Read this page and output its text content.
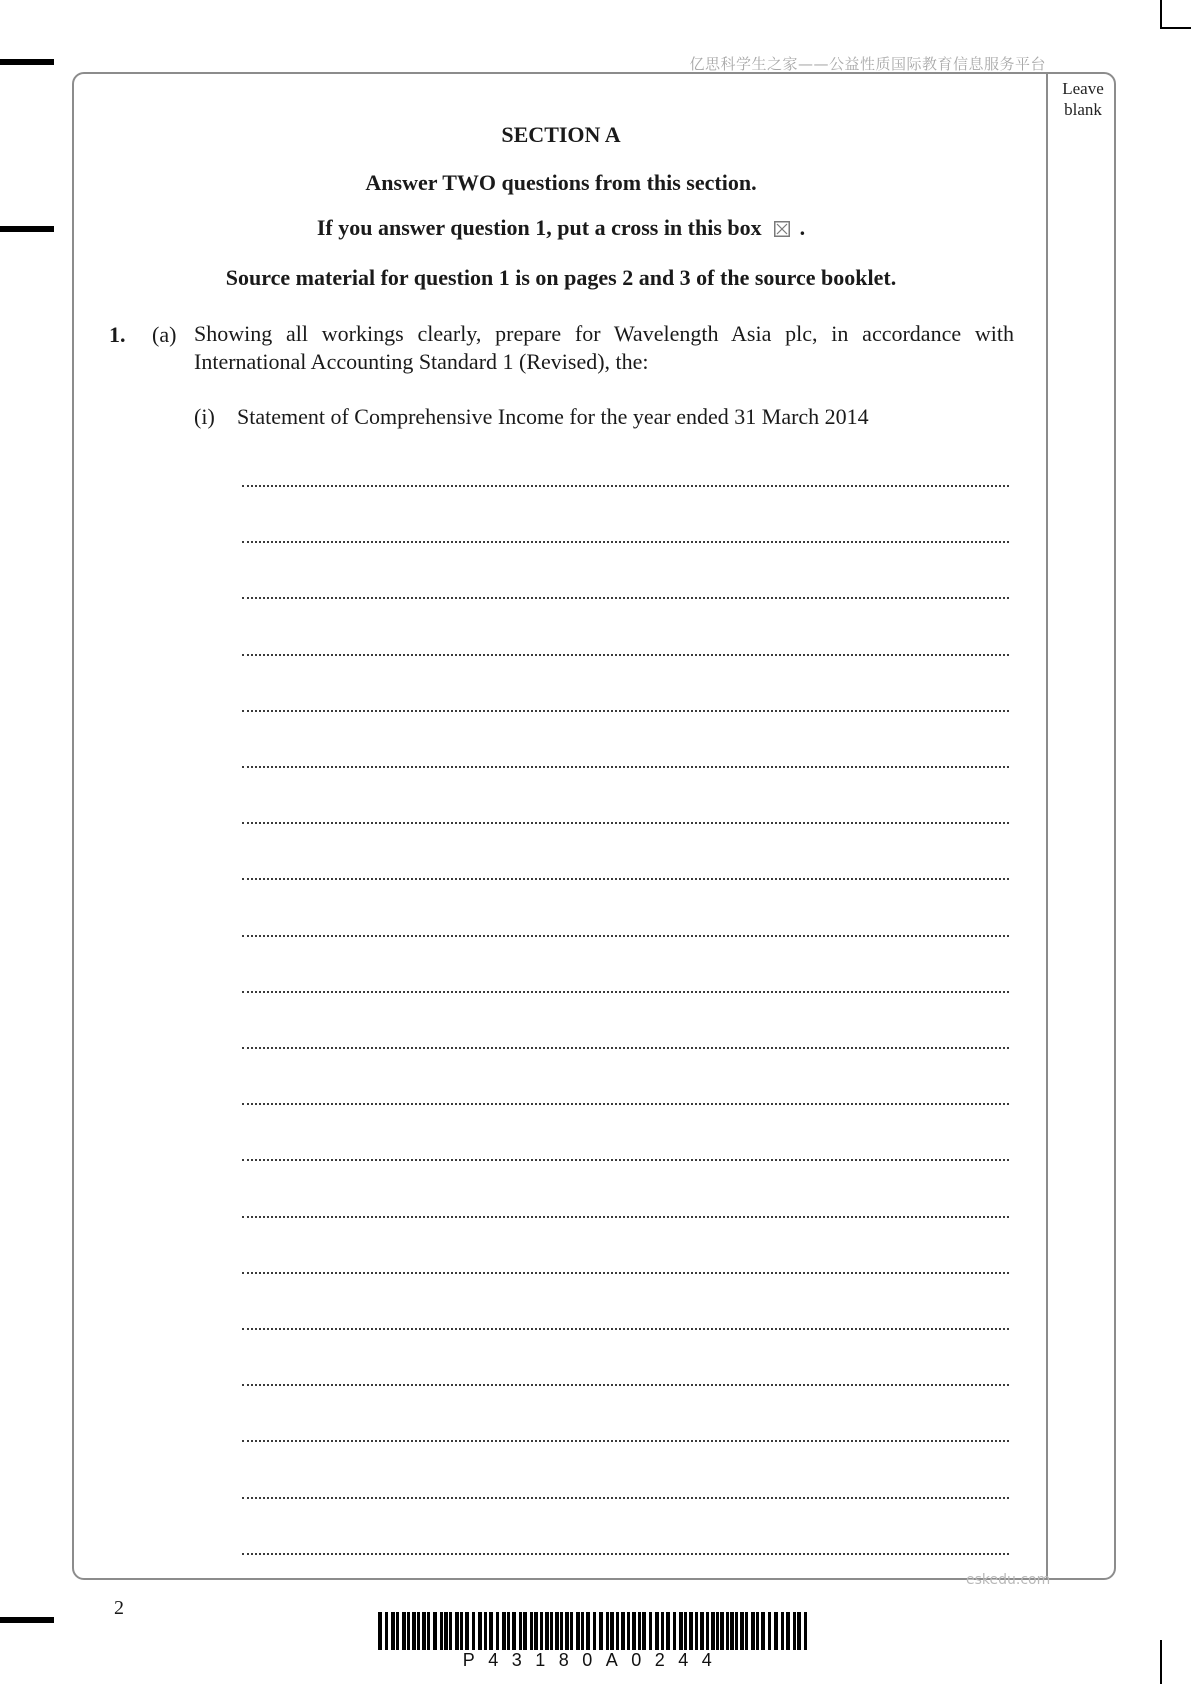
亿思科学生之家——公益性质国际教育信息服务平台
Leave blank
SECTION A
Answer TWO questions from this section.
If you answer question 1, put a cross in this box ☒ .
Source material for question 1 is on pages 2 and 3 of the source booklet.
1. (a) Showing all workings clearly, prepare for Wavelength Asia plc, in accordance with International Accounting Standard 1 (Revised), the:
(i) Statement of Comprehensive Income for the year ended 31 March 2014
eskedu.com
2
P43180A0244
